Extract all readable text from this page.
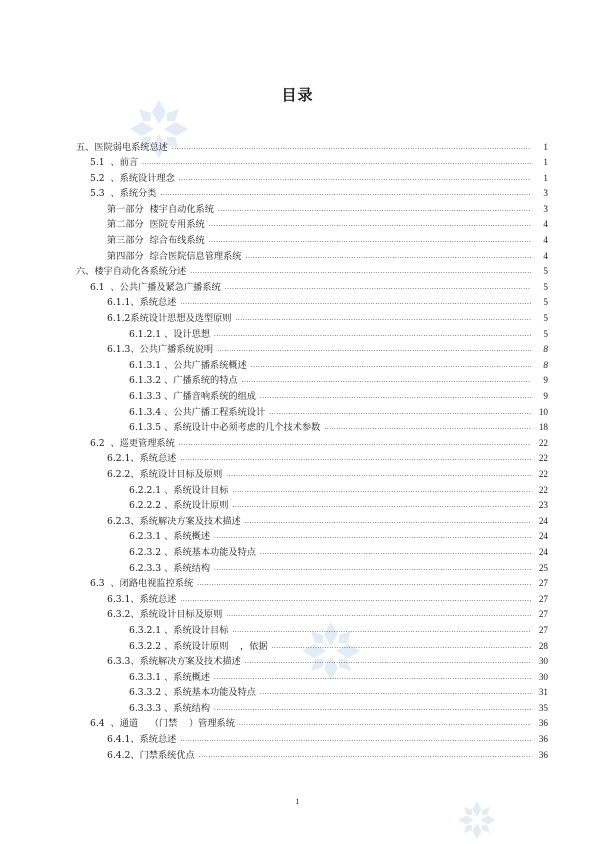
目录
五、医院弱电系统总述 .....	1
5.1  、前言 .....	1
5.2  、系统设计理念 .....	1
5.3  、系统分类 .....	3
第一部分  楼宇自动化系统 .....	3
第二部分  医院专用系统 .....	4
第三部分  综合布线系统 .....	4
第四部分  综合医院信息管理系统 .....	4
六、楼宇自动化各系统分述 .....	5
6.1  、公共广播及紧急广播系统 .....	5
6.1.1、系统总述 .....	5
6.1.2系统设计思想及选型原则 .....	5
6.1.2.1 、设计思想 .....	5
6.1.3、公共广播系统说明 .....	8
6.1.3.1 、公共广播系统概述 .....	8
6.1.3.2 、广播系统的特点 .....	9
6.1.3.3 、广播音响系统的组成 .....	9
6.1.3.4 、公共广播工程系统设计 .....	10
6.1.3.5 、系统设计中必须考虑的几个技术参数 .....	18
6.2  、巡更管理系统 .....	22
6.2.1、系统总述 .....	22
6.2.2、系统设计目标及原则 .....	22
6.2.2.1 、系统设计目标 .....	22
6.2.2.2 、系统设计原则 .....	23
6.2.3、系统解决方案及技术描述 .....	24
6.2.3.1 、系统概述 .....	24
6.2.3.2 、系统基本功能及特点 .....	24
6.2.3.3 、系统结构 .....	25
6.3  、闭路电视监控系统 .....	27
6.3.1、系统总述 .....	27
6.3.2、系统设计目标及原则 .....	27
6.3.2.1 、系统设计目标 .....	27
6.3.2.2 、系统设计原则    ，依据 .....	28
6.3.3、系统解决方案及技术描述 .....	30
6.3.3.1 、系统概述 .....	30
6.3.3.2 、系统基本功能及特点 .....	31
6.3.3.3 、系统结构 .....	35
6.4  、通道    （门禁    ）管理系统 .....	36
6.4.1、系统总述 .....	36
6.4.2、门禁系统优点 .....	36
1
